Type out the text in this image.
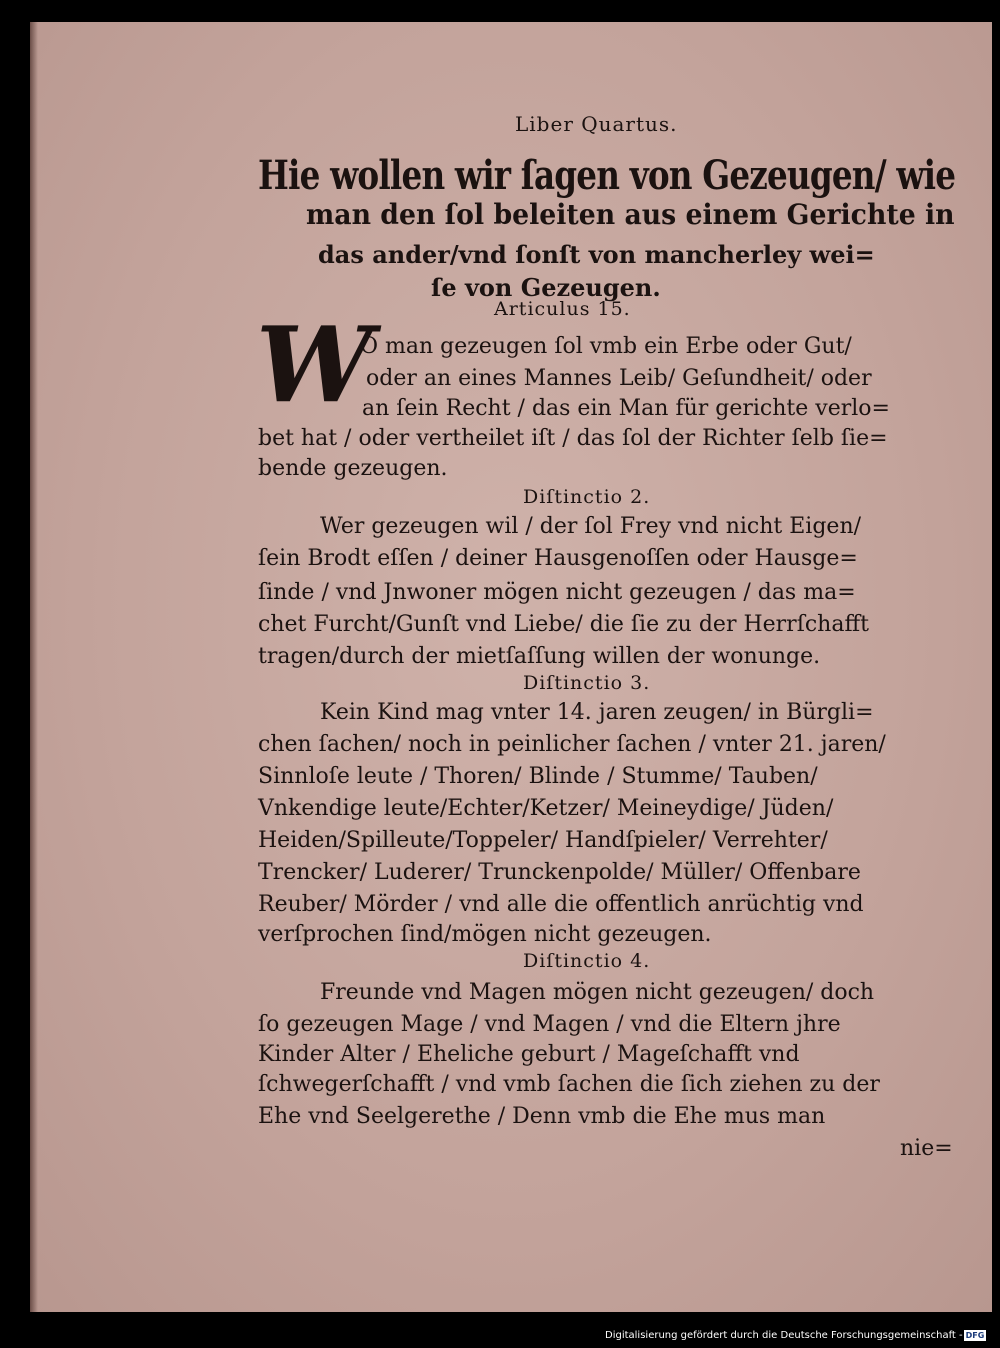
Liber Quartus.
Hie wollen wir ſagen von Gezeugen/ wie
man den ſol beleiten aus einem Gerichte in
das ander/vnd ſonſt von mancherley wei=
ſe von Gezeugen.
Articulus 15.
W
O man gezeugen ſol vmb ein Erbe oder Gut/
oder an eines Mannes Leib/ Geſundheit/ oder
an ſein Recht / das ein Man für gerichte verlo=
bet hat / oder vertheilet iſt / das ſol der Richter ſelb ſie=
bende gezeugen.
Diſtinctio 2.
Wer gezeugen wil / der ſol Frey vnd nicht Eigen/
ſein Brodt eſſen / deiner Hausgenoſſen oder Hausge=
ſinde / vnd Jnwoner mögen nicht gezeugen / das ma=
chet Furcht/Gunſt vnd Liebe/ die ſie zu der Herrſchafft
tragen/durch der mietſaſſung willen der wonunge.
Diſtinctio 3.
Kein Kind mag vnter 14. jaren zeugen/ in Bürgli=
chen ſachen/ noch in peinlicher ſachen / vnter 21. jaren/
Sinnloſe leute / Thoren/ Blinde / Stumme/ Tauben/
Vnkendige leute/Echter/Ketzer/ Meineydige/ Jüden/
Heiden/Spilleute/Toppeler/ Handſpieler/ Verrehter/
Trencker/ Luderer/ Trunckenpolde/ Müller/ Offenbare
Reuber/ Mörder / vnd alle die offentlich anrüchtig vnd
verſprochen ſind/mögen nicht gezeugen.
Diſtinctio 4.
Freunde vnd Magen mögen nicht gezeugen/ doch
ſo gezeugen Mage / vnd Magen / vnd die Eltern jhre
Kinder Alter / Eheliche geburt / Mageſchafft vnd
ſchwegerſchafft / vnd vmb ſachen die ſich ziehen zu der
Ehe vnd Seelgerethe / Denn vmb die Ehe mus man
nie=
Digitalisierung gefördert durch die Deutsche Forschungsgemeinschaft - DFG
